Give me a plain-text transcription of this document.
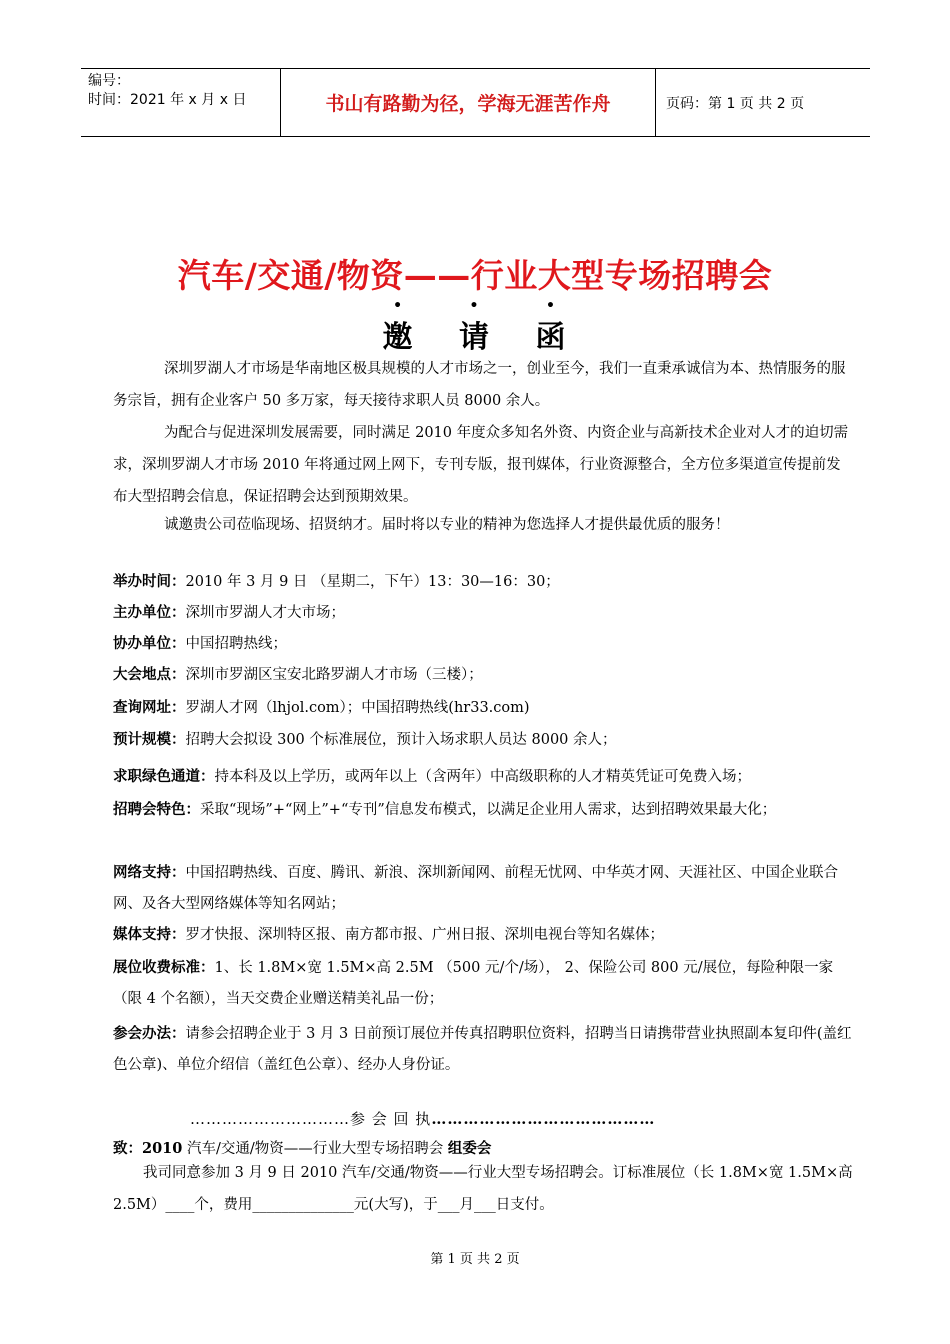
编号：
时间：2021 年 x 月 x 日	书山有路勤为径，学海无涯苦作舟	页码：第 1 页 共 2 页
汽车/交通/物资——行业大型专场招聘会
邀 请 函
深圳罗湖人才市场是华南地区极具规模的人才市场之一，创业至今，我们一直秉承诚信为本、热情服务的服务宗旨，拥有企业客户 50 多万家，每天接待求职人员 8000 余人。
为配合与促进深圳发展需要，同时满足 2010 年度众多知名外资、内资企业与高新技术企业对人才的迫切需求，深圳罗湖人才市场 2010 年将通过网上网下，专刊专版，报刊媒体，行业资源整合，全方位多渠道宣传提前发布大型招聘会信息，保证招聘会达到预期效果。
诚邀贵公司莅临现场、招贤纳才。届时将以专业的精神为您选择人才提供最优质的服务！
举办时间：2010 年 3 月 9 日 （星期二，下午）13：30—16：30；
主办单位：深圳市罗湖人才大市场；
协办单位：中国招聘热线；
大会地点：深圳市罗湖区宝安北路罗湖人才市场（三楼）；
查询网址：罗湖人才网（lhjol.com）；中国招聘热线(hr33.com)
预计规模：招聘大会拟设 300 个标准展位，预计入场求职人员达 8000 余人；
求职绿色通道：持本科及以上学历，或两年以上（含两年）中高级职称的人才精英凭证可免费入场；
招聘会特色：采取“现场”+“网上”+“专刊”信息发布模式，以满足企业用人需求，达到招聘效果最大化；
网络支持：中国招聘热线、百度、腾讯、新浪、深圳新闻网、前程无忧网、中华英才网、天涯社区、中国企业联合网、及各大型网络媒体等知名网站；
媒体支持：罗才快报、深圳特区报、南方都市报、广州日报、深圳电视台等知名媒体；
展位收费标准：1、长 1.8M×宽 1.5M×高 2.5M （500 元/个/场）， 2、保险公司 800 元/展位，每险种限一家（限 4 个名额），当天交费企业赠送精美礼品一份；
参会办法：请参会招聘企业于 3 月 3 日前预订展位并传真招聘职位资料，招聘当日请携带营业执照副本复印件(盖红色公章)、单位介绍信（盖红色公章）、经办人身份证。
…………………………参 会 回 执……………………………………
致：2010 汽车/交通/物资——行业大型专场招聘会 组委会
我司同意参加 3 月 9 日 2010 汽车/交通/物资——行业大型专场招聘会。订标准展位（长 1.8M×宽 1.5M×高 2.5M）____个，费用______________元(大写)，于___月___日支付。
第 1 页 共 2 页
